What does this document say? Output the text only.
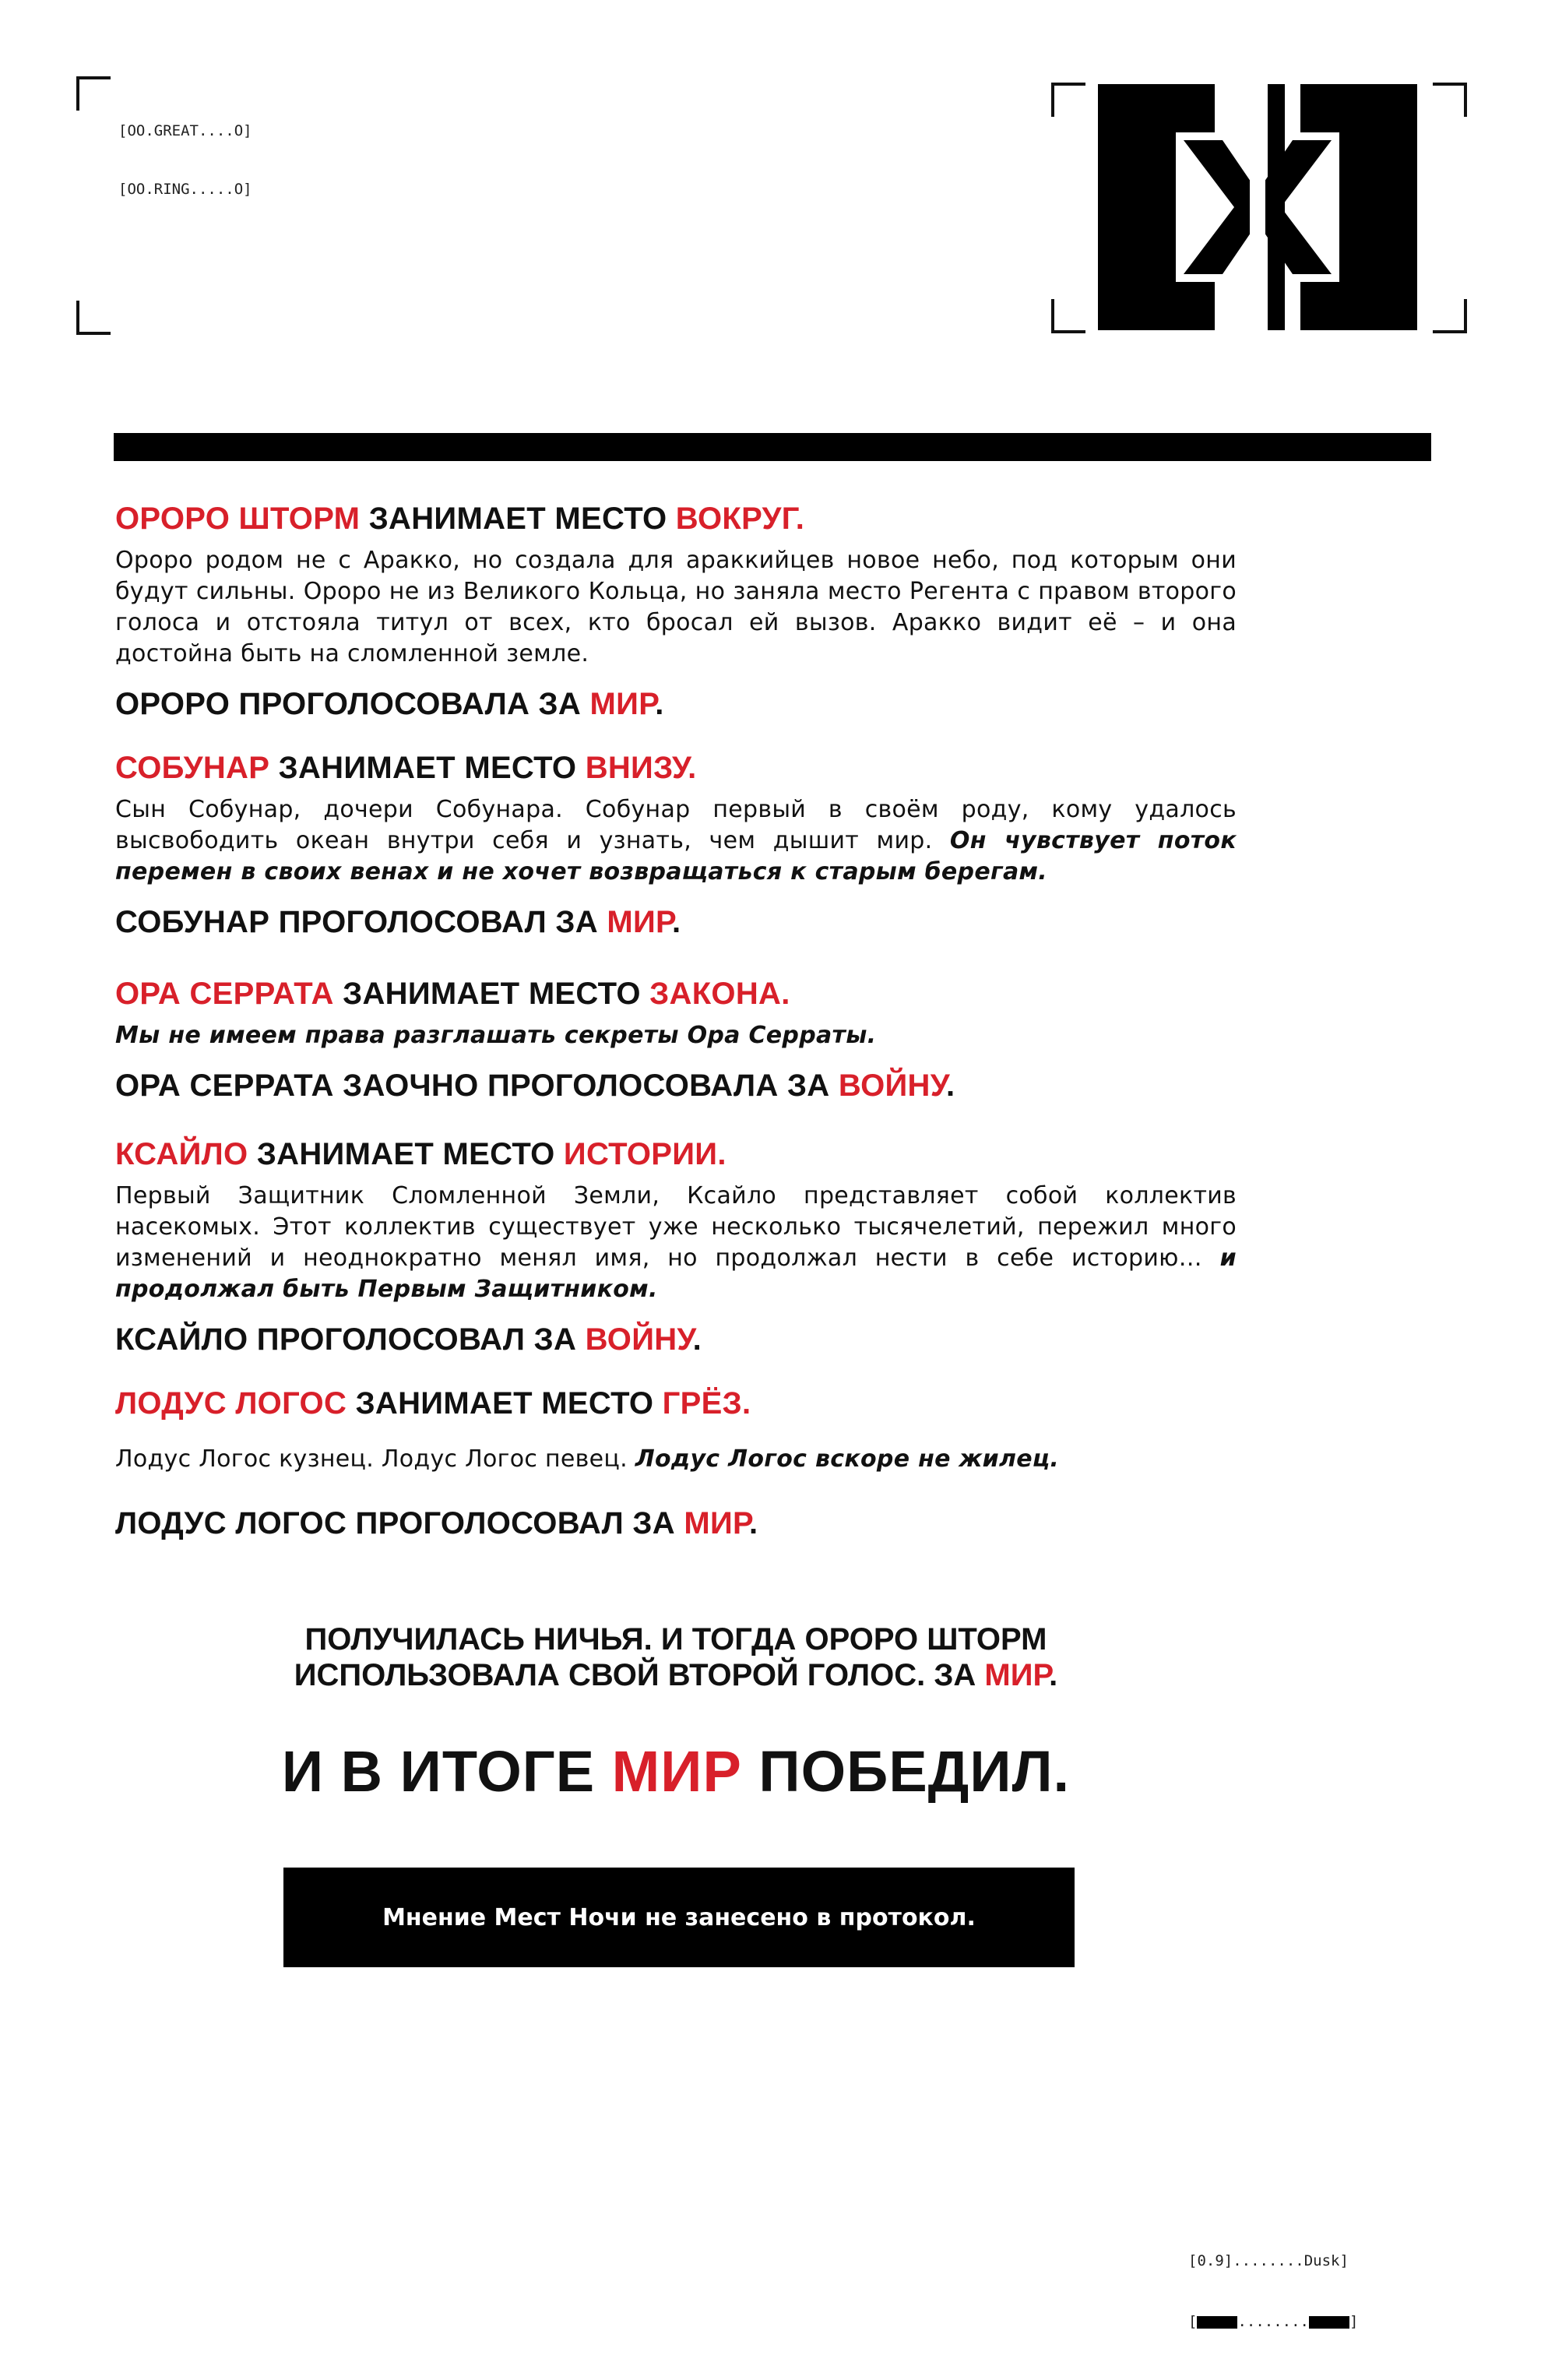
[OO.GREAT....O]

[OO.RING.....O]

ОРОРО ШТОРМ ЗАНИМАЕТ МЕСТО ВОКРУГ.

Ороро родом не с Аракко, но создала для араккийцев новое небо, под которым они будут сильны. Ороро не из Великого Кольца, но заняла место Регента с правом второго голоса и отстояла титул от всех, кто бросал ей вызов. Аракко видит её – и она достойна быть на сломленной земле.

ОРОРО ПРОГОЛОСОВАЛА ЗА МИР.

СОБУНАР ЗАНИМАЕТ МЕСТО ВНИЗУ.

Сын Собунар, дочери Собунара. Собунар первый в своём роду, кому удалось высвободить океан внутри себя и узнать, чем дышит мир. Он чувствует поток перемен в своих венах и не хочет возвращаться к старым берегам.

СОБУНАР ПРОГОЛОСОВАЛ ЗА МИР.

ОРА СЕРРАТА ЗАНИМАЕТ МЕСТО ЗАКОНА.

Мы не имеем права разглашать секреты Ора Серраты.

ОРА СЕРРАТА ЗАОЧНО ПРОГОЛОСОВАЛА ЗА ВОЙНУ.

КСАЙЛО ЗАНИМАЕТ МЕСТО ИСТОРИИ.

Первый Защитник Сломленной Земли, Ксайло представляет собой коллектив насекомых. Этот коллектив существует уже несколько тысячелетий, пережил много изменений и неоднократно менял имя, но продолжал нести в себе историю… и продолжал быть Первым Защитником.

КСАЙЛО ПРОГОЛОСОВАЛ ЗА ВОЙНУ.

ЛОДУС ЛОГОС ЗАНИМАЕТ МЕСТО ГРЁЗ.

Лодус Логос кузнец. Лодус Логос певец. Лодус Логос вскоре не жилец.

ЛОДУС ЛОГОС ПРОГОЛОСОВАЛ ЗА МИР.

ПОЛУЧИЛАСЬ НИЧЬЯ. И ТОГДА ОРОРО ШТОРМ
ИСПОЛЬЗОВАЛА СВОЙ ВТОРОЙ ГОЛОС. ЗА МИР.
И В ИТОГЕ МИР ПОБЕДИЛ.
Мнение Мест Ночи не занесено в протокол.

[0.9]........Dusk]

[	........	]
